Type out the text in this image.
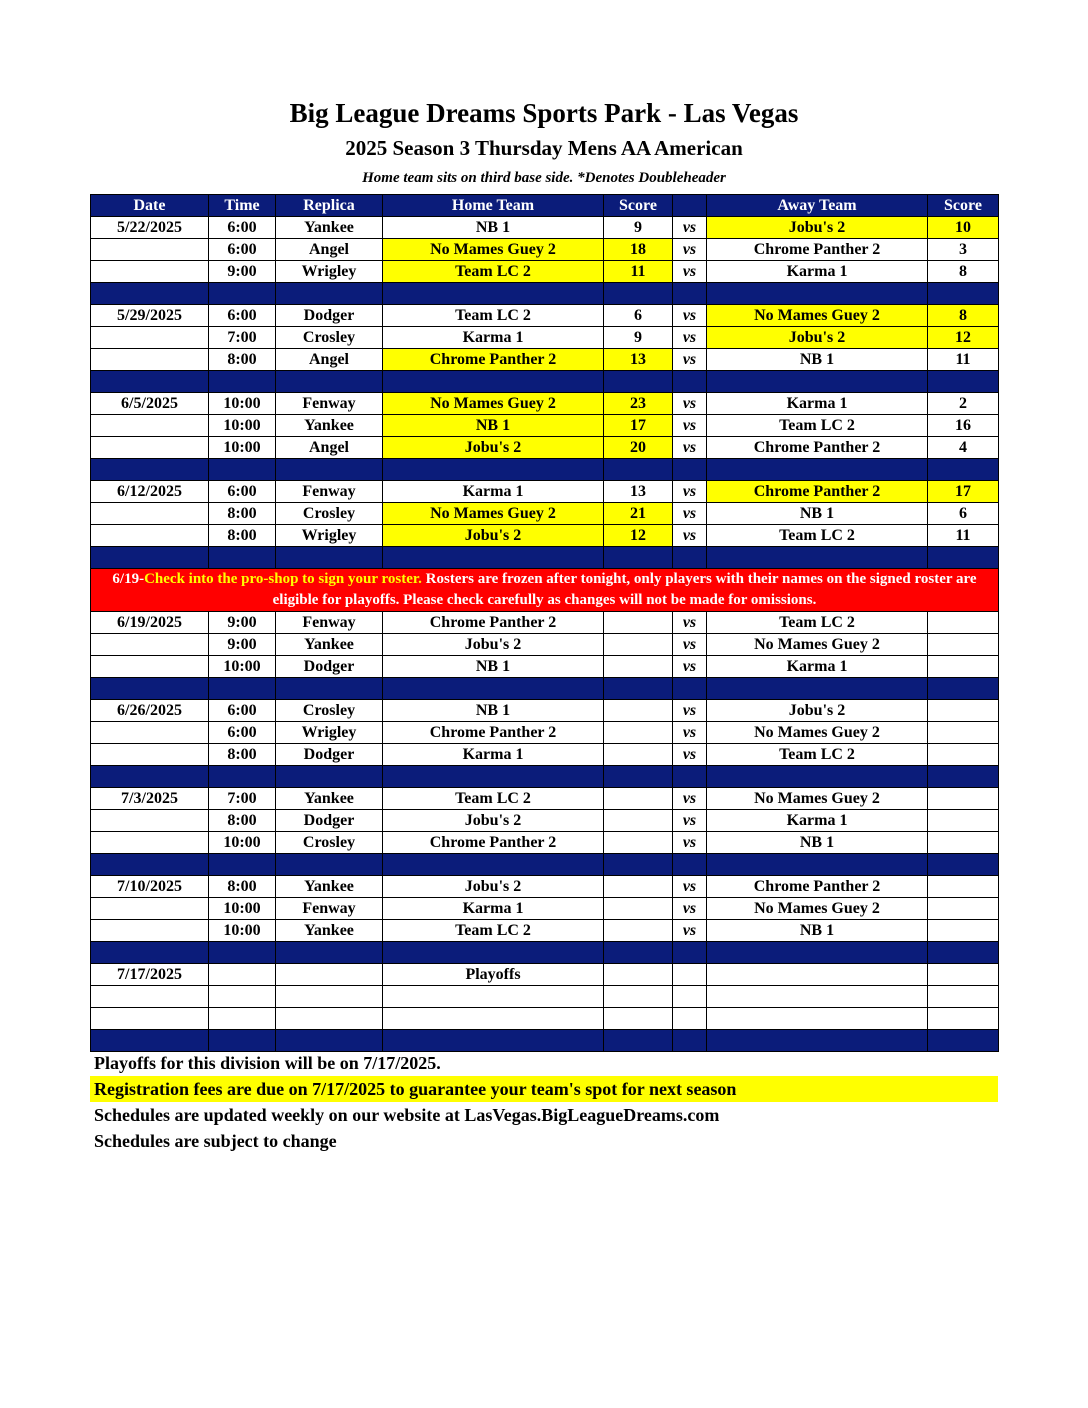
Big League Dreams Sports Park - Las Vegas
2025 Season 3 Thursday Mens AA American
Home team sits on third base side. *Denotes Doubleheader
Date	Time	Replica	Home Team	Score		Away Team	Score
5/22/2025	6:00	Yankee	NB 1	9	vs	Jobu's 2	10
	6:00	Angel	No Mames Guey 2	18	vs	Chrome Panther 2	3
	9:00	Wrigley	Team LC 2	11	vs	Karma 1	8

5/29/2025	6:00	Dodger	Team LC 2	6	vs	No Mames Guey 2	8
	7:00	Crosley	Karma 1	9	vs	Jobu's 2	12
	8:00	Angel	Chrome Panther 2	13	vs	NB 1	11

6/5/2025	10:00	Fenway	No Mames Guey 2	23	vs	Karma 1	2
	10:00	Yankee	NB 1	17	vs	Team LC 2	16
	10:00	Angel	Jobu's 2	20	vs	Chrome Panther 2	4

6/12/2025	6:00	Fenway	Karma 1	13	vs	Chrome Panther 2	17
	8:00	Crosley	No Mames Guey 2	21	vs	NB 1	6
	8:00	Wrigley	Jobu's 2	12	vs	Team LC 2	11

6/19-Check into the pro-shop to sign your roster. Rosters are frozen after tonight, only players with their names on the signed roster are eligible for playoffs. Please check carefully as changes will not be made for omissions.							
6/19/2025	9:00	Fenway	Chrome Panther 2		vs	Team LC 2	
	9:00	Yankee	Jobu's 2		vs	No Mames Guey 2	
	10:00	Dodger	NB 1		vs	Karma 1	

6/26/2025	6:00	Crosley	NB 1		vs	Jobu's 2	
	6:00	Wrigley	Chrome Panther 2		vs	No Mames Guey 2	
	8:00	Dodger	Karma 1		vs	Team LC 2	

7/3/2025	7:00	Yankee	Team LC 2		vs	No Mames Guey 2	
	8:00	Dodger	Jobu's 2		vs	Karma 1	
	10:00	Crosley	Chrome Panther 2		vs	NB 1	

7/10/2025	8:00	Yankee	Jobu's 2		vs	Chrome Panther 2	
	10:00	Fenway	Karma 1		vs	No Mames Guey 2	
	10:00	Yankee	Team LC 2		vs	NB 1	

7/17/2025			Playoffs				

Playoffs for this division will be on 7/17/2025.
Registration fees are due on 7/17/2025 to guarantee your team's spot for next season
Schedules are updated weekly on our website at LasVegas.BigLeagueDreams.com
Schedules are subject to change
